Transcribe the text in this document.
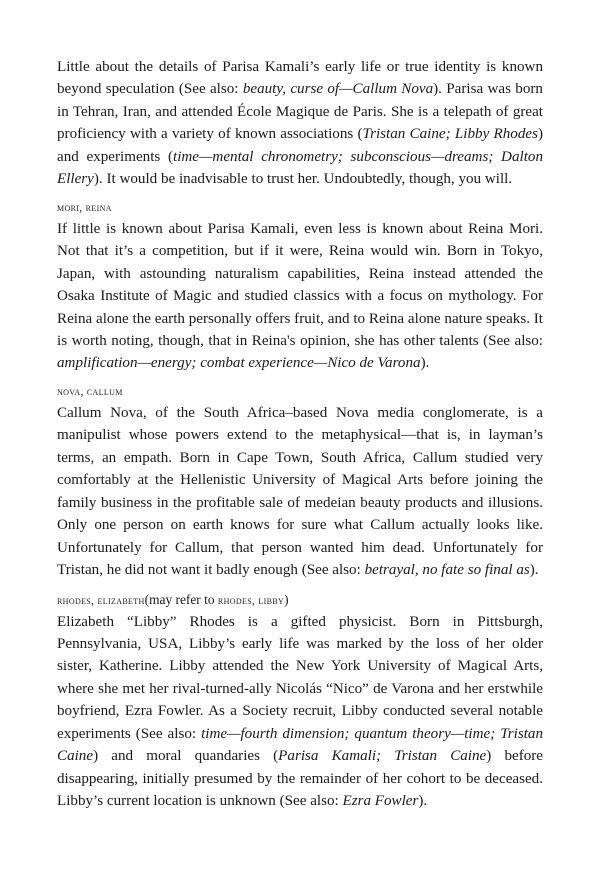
Little about the details of Parisa Kamali’s early life or true identity is known beyond speculation (See also: beauty, curse of—Callum Nova). Parisa was born in Tehran, Iran, and attended École Magique de Paris. She is a telepath of great proficiency with a variety of known associations (Tristan Caine; Libby Rhodes) and experiments (time—mental chronometry; subconscious—dreams; Dalton Ellery). It would be inadvisable to trust her. Undoubtedly, though, you will.

mori, reina

If little is known about Parisa Kamali, even less is known about Reina Mori. Not that it’s a competition, but if it were, Reina would win. Born in Tokyo, Japan, with astounding naturalism capabilities, Reina instead attended the Osaka Institute of Magic and studied classics with a focus on mythology. For Reina alone the earth personally offers fruit, and to Reina alone nature speaks. It is worth noting, though, that in Reina's opinion, she has other talents (See also: amplification—energy; combat experience—Nico de Varona).

nova, callum

Callum Nova, of the South Africa–based Nova media conglomerate, is a manipulist whose powers extend to the metaphysical—that is, in layman’s terms, an empath. Born in Cape Town, South Africa, Callum studied very comfortably at the Hellenistic University of Magical Arts before joining the family business in the profitable sale of medeian beauty products and illusions. Only one person on earth knows for sure what Callum actually looks like. Unfortunately for Callum, that person wanted him dead. Unfortunately for Tristan, he did not want it badly enough (See also: betrayal, no fate so final as).

rhodes, elizabeth(may refer to rhodes, libby)

Elizabeth “Libby” Rhodes is a gifted physicist. Born in Pittsburgh, Pennsylvania, USA, Libby’s early life was marked by the loss of her older sister, Katherine. Libby attended the New York University of Magical Arts, where she met her rival-turned-ally Nicolás “Nico” de Varona and her erstwhile boyfriend, Ezra Fowler. As a Society recruit, Libby conducted several notable experiments (See also: time—fourth dimension; quantum theory—time; Tristan Caine) and moral quandaries (Parisa Kamali; Tristan Caine) before disappearing, initially presumed by the remainder of her cohort to be deceased. Libby’s current location is unknown (See also: Ezra Fowler).
